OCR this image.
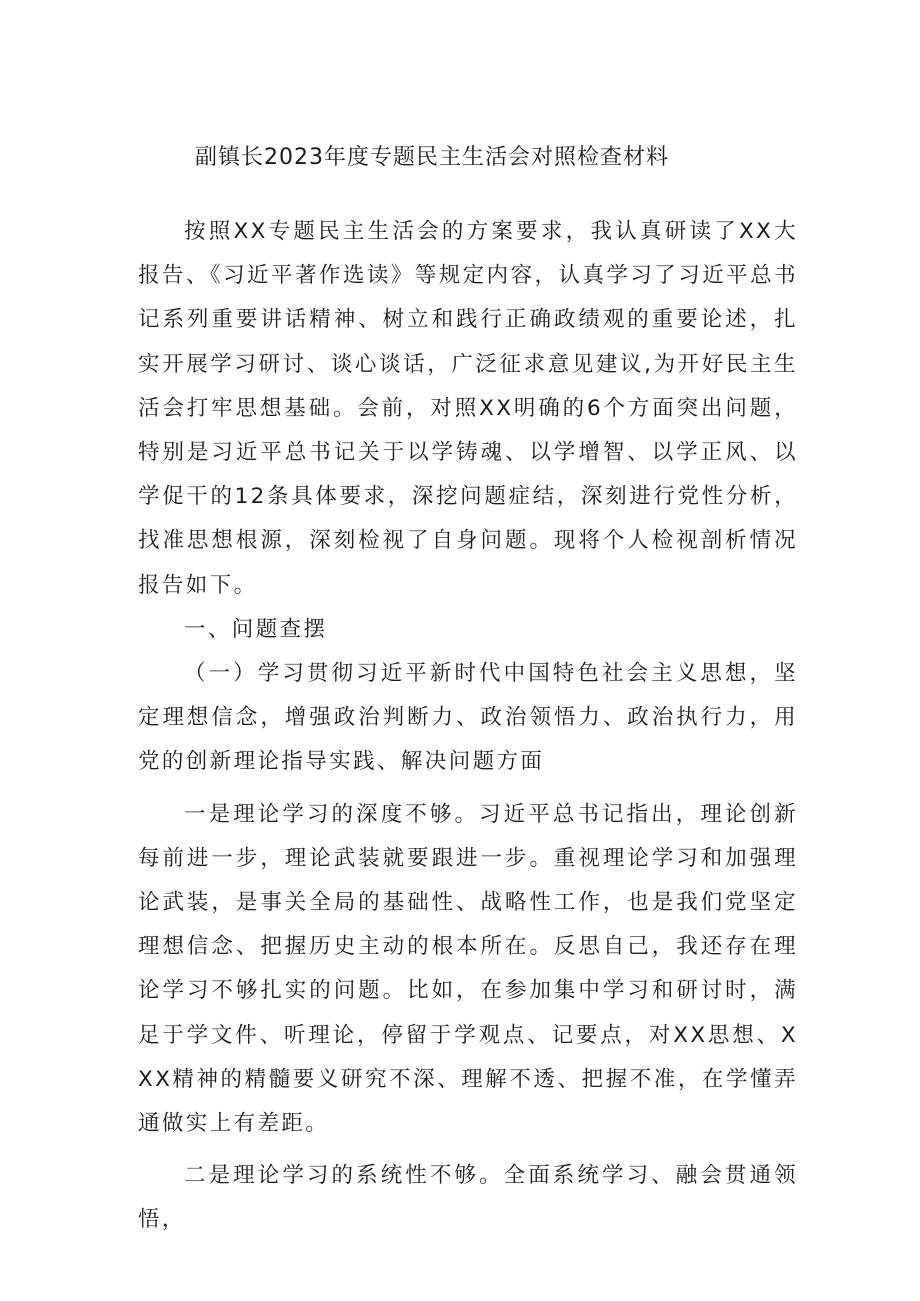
副镇长2023年度专题民主生活会对照检查材料

按照XX专题民主生活会的方案要求，我认真研读了XX大报告、《习近平著作选读》等规定内容，认真学习了习近平总书记系列重要讲话精神、树立和践行正确政绩观的重要论述，扎实开展学习研讨、谈心谈话，广泛征求意见建议,为开好民主生活会打牢思想基础。会前，对照XX明确的6个方面突出问题，特别是习近平总书记关于以学铸魂、以学增智、以学正风、以学促干的12条具体要求，深挖问题症结，深刻进行党性分析，找准思想根源，深刻检视了自身问题。现将个人检视剖析情况报告如下。

一、问题查摆

（一）学习贯彻习近平新时代中国特色社会主义思想，坚定理想信念，增强政治判断力、政治领悟力、政治执行力，用党的创新理论指导实践、解决问题方面

一是理论学习的深度不够。习近平总书记指出，理论创新每前进一步，理论武装就要跟进一步。重视理论学习和加强理论武装，是事关全局的基础性、战略性工作，也是我们党坚定理想信念、把握历史主动的根本所在。反思自己，我还存在理论学习不够扎实的问题。比如，在参加集中学习和研讨时，满足于学文件、听理论，停留于学观点、记要点，对XX思想、XXX精神的精髓要义研究不深、理解不透、把握不准，在学懂弄通做实上有差距。

二是理论学习的系统性不够。全面系统学习、融会贯通领悟，
